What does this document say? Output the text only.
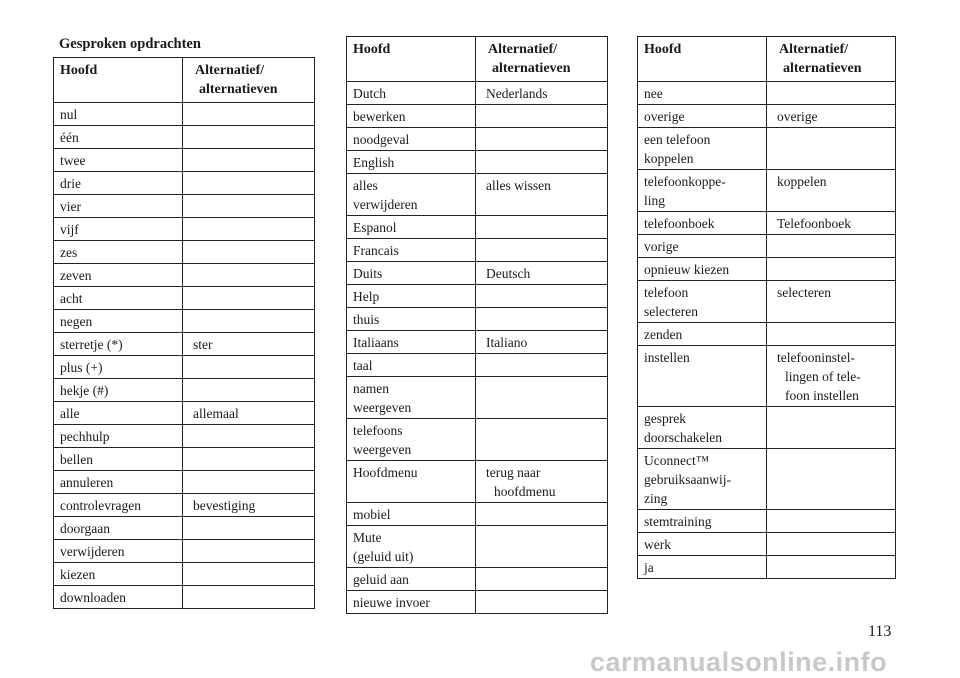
Gesproken opdrachten
Hoofd	Alternatief/
alternatieven

nul	

één	

twee	

drie	

vier	

vijf	

zes	

zeven	

acht	

negen	

sterretje (*)	ster

plus (+)	

hekje (#)	

alle	allemaal

pechhulp	

bellen	

annuleren	

controlevragen	bevestiging

doorgaan	

verwijderen	

kiezen	

downloaden	

Hoofd	Alternatief/
alternatieven

Dutch	Nederlands

bewerken	

noodgeval	

English	

alles
verwijderen	alles wissen

Espanol	

Francais	

Duits	Deutsch

Help	

thuis	

Italiaans	Italiano

taal	

namen
weergeven	

telefoons
weergeven	

Hoofdmenu	terug naar
hoofdmenu

mobiel	

Mute
(geluid uit)	

geluid aan	

nieuwe invoer	

Hoofd	Alternatief/
alternatieven

nee	

overige	overige

een telefoon
koppelen	

telefoonkoppe-
ling	koppelen

telefoonboek	Telefoonboek

vorige	

opnieuw kiezen	

telefoon
selecteren	selecteren

zenden	

instellen	telefooninstel-
lingen of tele-
foon instellen

gesprek
doorschakelen	

Uconnect™
gebruiksaanwij-
zing	

stemtraining	

werk	

ja	

113
carmanualsonline.info
